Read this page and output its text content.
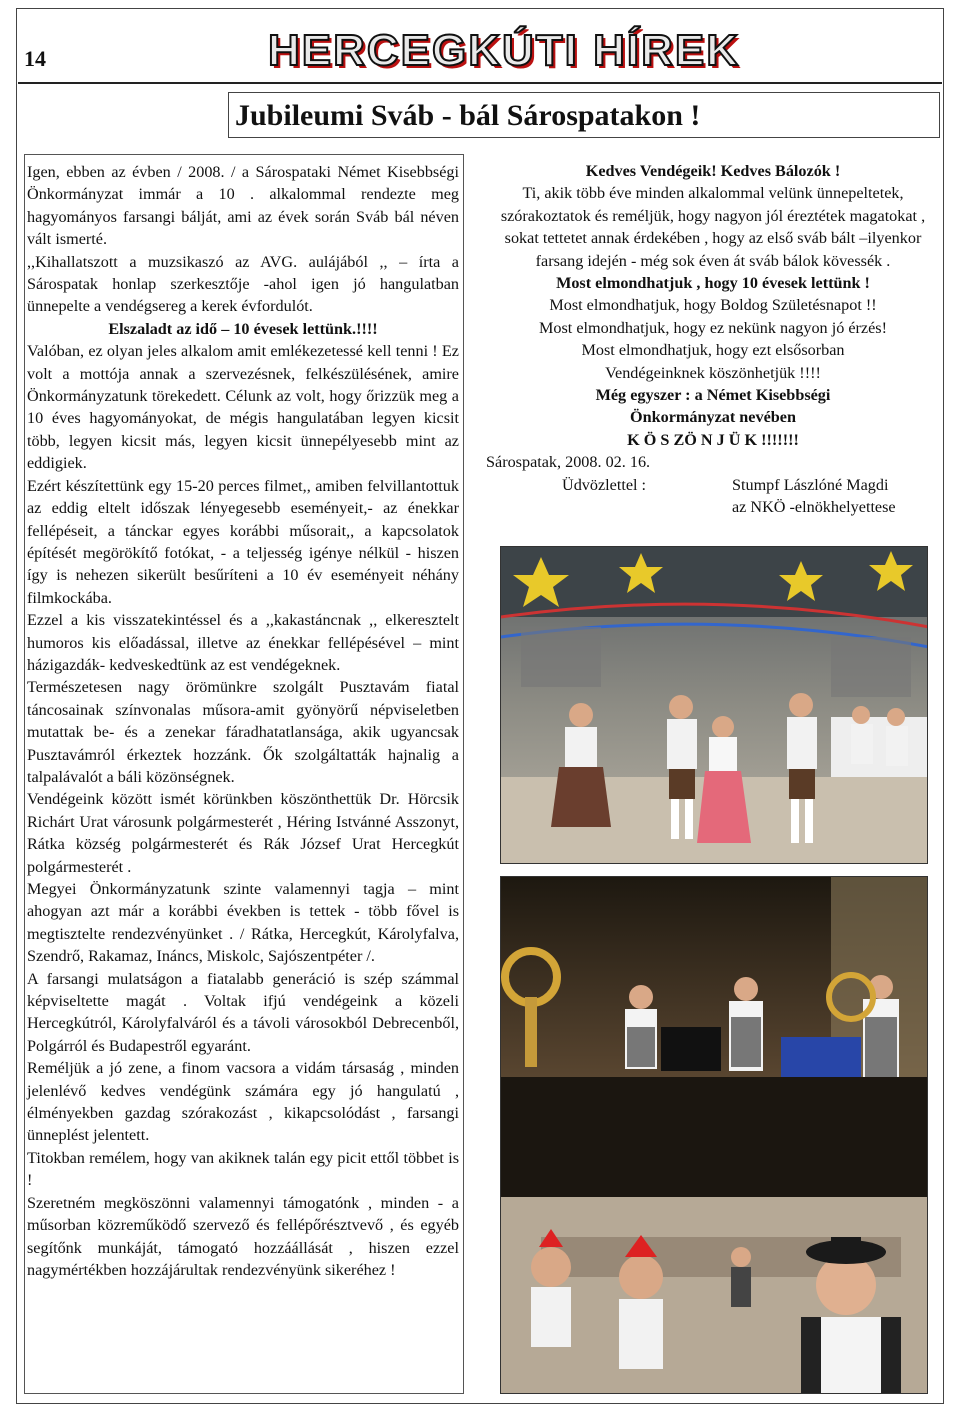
14	HERCEGKÚTI HÍREK
Jubileumi Sváb - bál Sárospatakon !

Igen, ebben az évben / 2008. / a Sárospataki Német Kisebbségi Önkormányzat immár a 10 . alkalommal rendezte meg hagyományos farsangi bálját, ami az évek során Sváb bál néven vált ismerté.

,,Kihallatszott a muzsikaszó az AVG. aulájából ,, – írta a Sárospatak honlap szerkesztője -ahol igen jó hangulatban ünnepelte a vendégsereg a kerek évfordulót.

Elszaladt az idő – 10 évesek lettünk.!!!!

Valóban, ez olyan jeles alkalom amit emlékezetessé kell tenni ! Ez volt a mottója annak a szervezésnek, felkészülésének, amire Önkormányzatunk törekedett. Célunk az volt, hogy őrizzük meg a 10 éves hagyományokat, de mégis hangulatában legyen kicsit több, legyen kicsit más, legyen kicsit ünnepélyesebb mint az eddigiek.

Ezért készítettünk egy 15-20 perces filmet,, amiben felvillantottuk az eddig eltelt időszak lényegesebb eseményeit,- az énekkar fellépéseit, a tánckar egyes korábbi műsorait,, a kapcsolatok építését megörökítő fotókat, - a teljesség igénye nélkül - hiszen így is nehezen sikerült besűríteni a 10 év eseményeit néhány filmkockába.

Ezzel a kis visszatekintéssel és a ,,kakastáncnak ,, elkeresztelt humoros kis előadással, illetve az énekkar fellépésével – mint házigazdák- kedveskedtünk az est vendégeknek.

Természetesen nagy örömünkre szolgált Pusztavám fiatal táncosainak színvonalas műsora-amit gyönyörű népviseletben mutattak be- és a zenekar fáradhatatlansága, akik ugyancsak Pusztavámról érkeztek hozzánk. Ők szolgáltatták hajnalig a talpalávalót a báli közönségnek.

Vendégeink között ismét körünkben köszönthettük Dr. Hörcsik Richárt Urat városunk polgármesterét , Héring Istvánné Asszonyt, Rátka község polgármesterét és Rák József Urat Hercegkút polgármesterét .

Megyei Önkormányzatunk szinte valamennyi tagja – mint ahogyan azt már a korábbi években is tettek - több fővel is megtisztelte rendezvényünket . / Rátka, Hercegkút, Károlyfalva, Szendrő, Rakamaz, Ináncs, Miskolc, Sajószentpéter /.

A farsangi mulatságon a fiatalabb generáció is szép számmal képviseltette magát . Voltak ifjú vendégeink a közeli Hercegkútról, Károlyfalváról és a távoli városokból Debrecenből, Polgárról és Budapestről egyaránt.

Reméljük a jó zene, a finom vacsora a vidám társaság , minden jelenlévő kedves vendégünk számára egy jó hangulatú , élményekben gazdag szórakozást , kikapcsolódást , farsangi ünneplést jelentett.

Titokban remélem, hogy van akiknek talán egy picit ettől többet is !

Szeretném megköszönni valamennyi támogatónk , minden - a műsorban közreműködő szervező és fellépőrésztvevő , és egyéb segítőnk munkáját, támogató hozzáállását , hiszen ezzel nagymértékben hozzájárultak rendezvényünk sikeréhez !

Kedves Vendégeik! Kedves Bálozók !

Ti, akik több éve minden alkalommal velünk ünnepeltetek, szórakoztatok és reméljük, hogy nagyon jól éreztétek magatokat , sokat tettetet annak érdekében , hogy az első sváb bált –ilyenkor farsang idején - még sok éven át sváb bálok kövessék .

Most elmondhatjuk , hogy 10 évesek lettünk !

Most elmondhatjuk, hogy Boldog Születésnapot !!

Most elmondhatjuk, hogy ez nekünk nagyon jó érzés!

Most elmondhatjuk, hogy ezt elsősorban

Vendégeinknek köszönhetjük !!!!

Még egyszer : a Német Kisebbségi

Önkormányzat nevében

K Ö S ZÖ N J Ü K !!!!!!!

Sárospatak, 2008. 02. 16.

Üdvözlettel :	Stumpf Lászlóné Magdi
az NKÖ -elnökhelyettese
